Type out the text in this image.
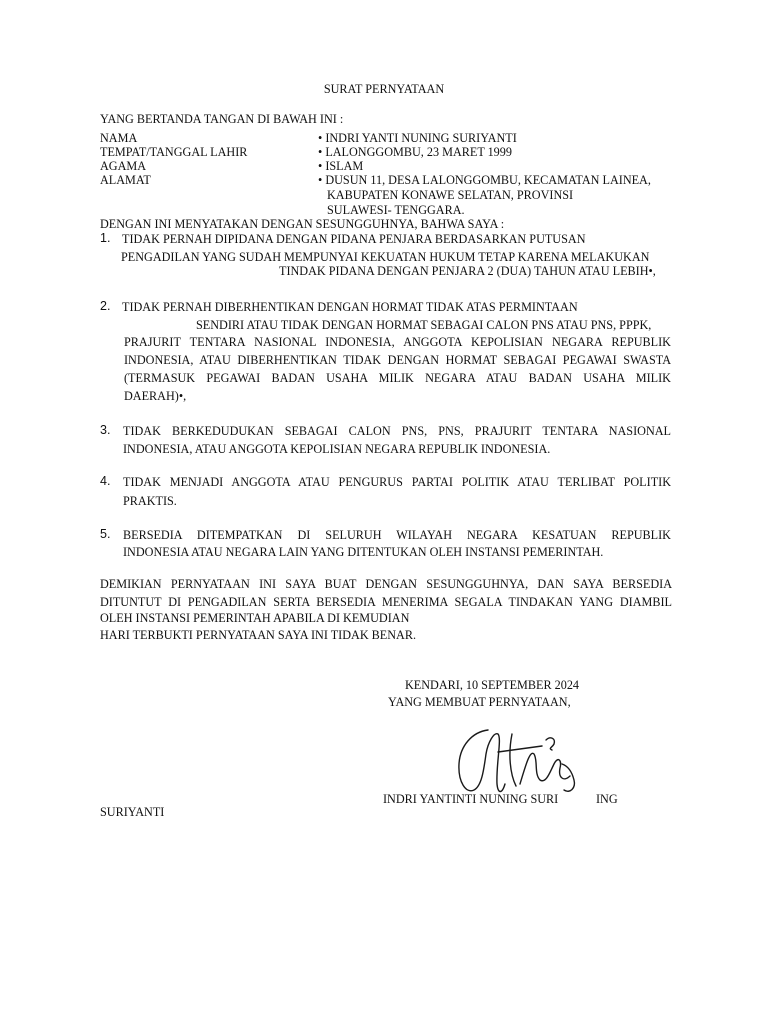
SURAT PERNYATAAN
YANG BERTANDA TANGAN DI BAWAH INI :
NAMA	• INDRI YANTI NUNING SURIYANTI
TEMPAT/TANGGAL LAHIR	• LALONGGOMBU, 23 MARET 1999
AGAMA	• ISLAM
ALAMAT	• DUSUN 11, DESA LALONGGOMBU, KECAMATAN LAINEA,
KABUPATEN KONAWE SELATAN, PROVINSI
SULAWESI- TENGGARA.
DENGAN INI MENYATAKAN DENGAN SESUNGGUHNYA, BAHWA SAYA :
1. TIDAK PERNAH DIPIDANA DENGAN PIDANA PENJARA BERDASARKAN PUTUSAN
PENGADILAN YANG SUDAH MEMPUNYAI KEKUATAN HUKUM TETAP KARENA MELAKUKAN
TINDAK PIDANA DENGAN PENJARA 2 (DUA) TAHUN ATAU LEBIH•,
2. TIDAK PERNAH DIBERHENTIKAN DENGAN HORMAT TIDAK ATAS PERMINTAAN
SENDIRI ATAU TIDAK DENGAN HORMAT SEBAGAI CALON PNS ATAU PNS, PPPK,
PRAJURIT TENTARA NASIONAL INDONESIA, ANGGOTA KEPOLISIAN NEGARA REPUBLIK
INDONESIA, ATAU DIBERHENTIKAN TIDAK DENGAN HORMAT SEBAGAI PEGAWAI SWASTA
(TERMASUK PEGAWAI BADAN USAHA MILIK NEGARA ATAU BADAN USAHA MILIK
DAERAH)•,
3. TIDAK BERKEDUDUKAN SEBAGAI CALON PNS, PNS, PRAJURIT TENTARA NASIONAL
INDONESIA, ATAU ANGGOTA KEPOLISIAN NEGARA REPUBLIK INDONESIA.
4. TIDAK MENJADI ANGGOTA ATAU PENGURUS PARTAI POLITIK ATAU TERLIBAT POLITIK
PRAKTIS.
5. BERSEDIA DITEMPATKAN DI SELURUH WILAYAH NEGARA KESATUAN REPUBLIK
INDONESIA ATAU NEGARA LAIN YANG DITENTUKAN OLEH INSTANSI PEMERINTAH.
DEMIKIAN PERNYATAAN INI SAYA BUAT DENGAN SESUNGGUHNYA, DAN SAYA BERSEDIA
DITUNTUT DI PENGADILAN SERTA BERSEDIA MENERIMA SEGALA TINDAKAN YANG DIAMBIL
OLEH INSTANSI PEMERINTAH APABILA DI KEMUDIAN
HARI TERBUKTI PERNYATAAN SAYA INI TIDAK BENAR.
KENDARI, 10 SEPTEMBER 2024
YANG MEMBUAT PERNYATAAN,
INDRI YANTINTI NUNING SURI	ING
SURIYANTI
